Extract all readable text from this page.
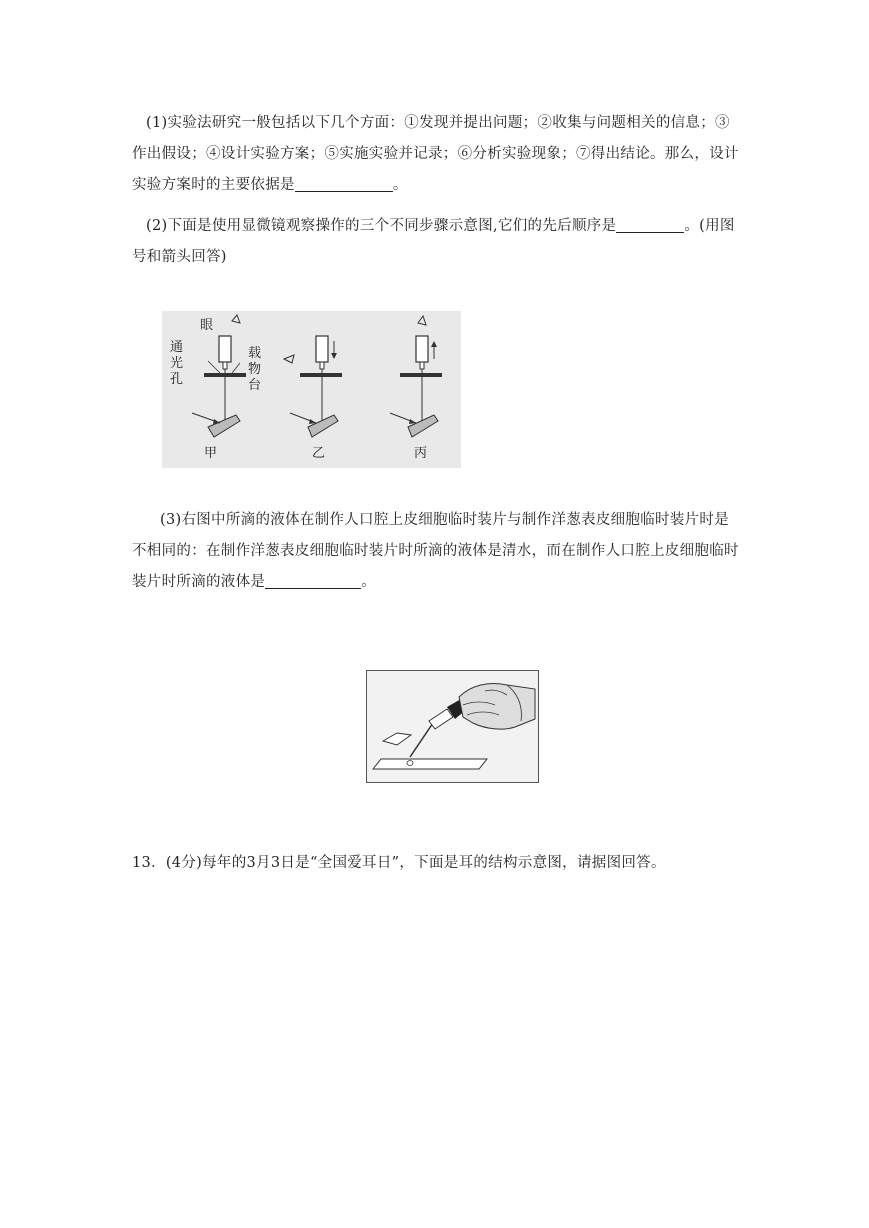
(1)实验法研究一般包括以下几个方面：①发现并提出问题；②收集与问题相关的信息；③作出假设；④设计实验方案；⑤实施实验并记录；⑥分析实验现象；⑦得出结论。那么，设计实验方案时的主要依据是	。
(2)下面是使用显微镜观察操作的三个不同步骤示意图,它们的先后顺序是	。(用图号和箭头回答)
眼
通
光
孔
载
物
台
甲	乙	丙
(3)右图中所滴的液体在制作人口腔上皮细胞临时装片与制作洋葱表皮细胞临时装片时是不相同的：在制作洋葱表皮细胞临时装片时所滴的液体是清水，而在制作人口腔上皮细胞临时装片时所滴的液体是	。
13．(4分)每年的3月3日是“全国爱耳日”，下面是耳的结构示意图，请据图回答。
